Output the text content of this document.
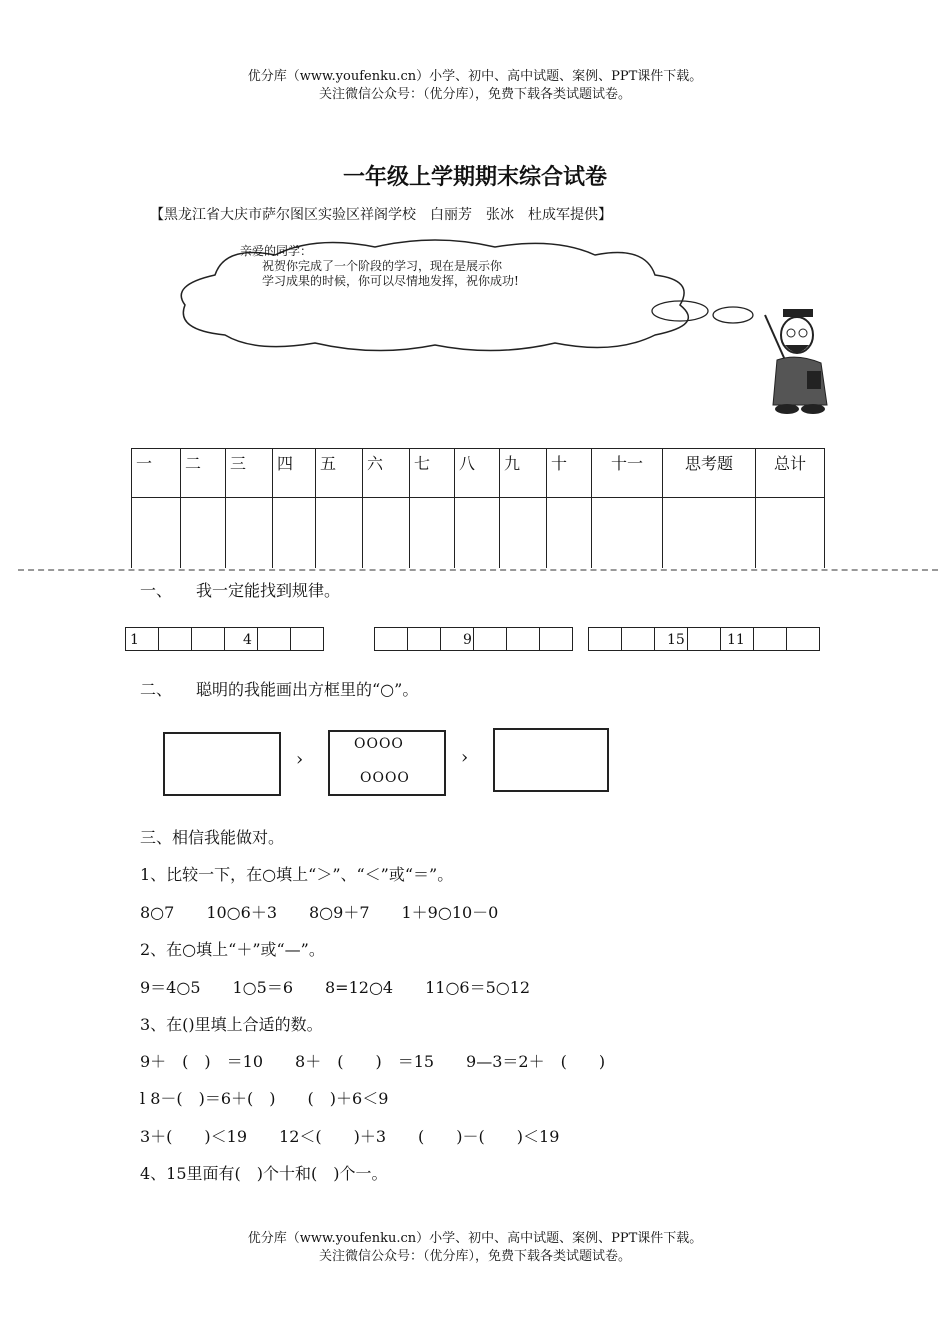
优分库（www.youfenku.cn）小学、初中、高中试题、案例、PPT课件下载。
关注微信公众号：（优分库），免费下载各类试题试卷。
一年级上学期期末综合试卷
【黑龙江省大庆市萨尔图区实验区祥阁学校　白丽芳　张冰　杜成军提供】
亲爱的同学：
祝贺你完成了一个阶段的学习，现在是展示你
学习成果的时候，你可以尽情地发挥，祝你成功!
一	二	三	四	五	六	七	八	九	十	十一	思考题	总计

一、　　我一定能找到规律。
1	4	9	15	11
二、　　聪明的我能画出方框里的“○”。
›
OOOO
OOOO
›
三、相信我能做对。
1、比较一下，在○填上“＞”、“＜”或“＝”。
8○7　　10○6＋3　　8○9＋7　　1＋9○10－0
2、在○填上“＋”或“—”。
9＝4○5　　1○5＝6　　8=12○4　　11○6＝5○12
3、在()里填上合适的数。
9＋　(　)　＝10　　8＋　(　　)　＝15　　9—3＝2＋　(　　)
l 8－(　)＝6＋(　)　　(　)＋6＜9
3＋(　　)＜19　　12＜(　　)＋3　　(　　)－(　　)＜19
4、15里面有(　)个十和(　)个一。
优分库（www.youfenku.cn）小学、初中、高中试题、案例、PPT课件下载。
关注微信公众号：（优分库），免费下载各类试题试卷。
